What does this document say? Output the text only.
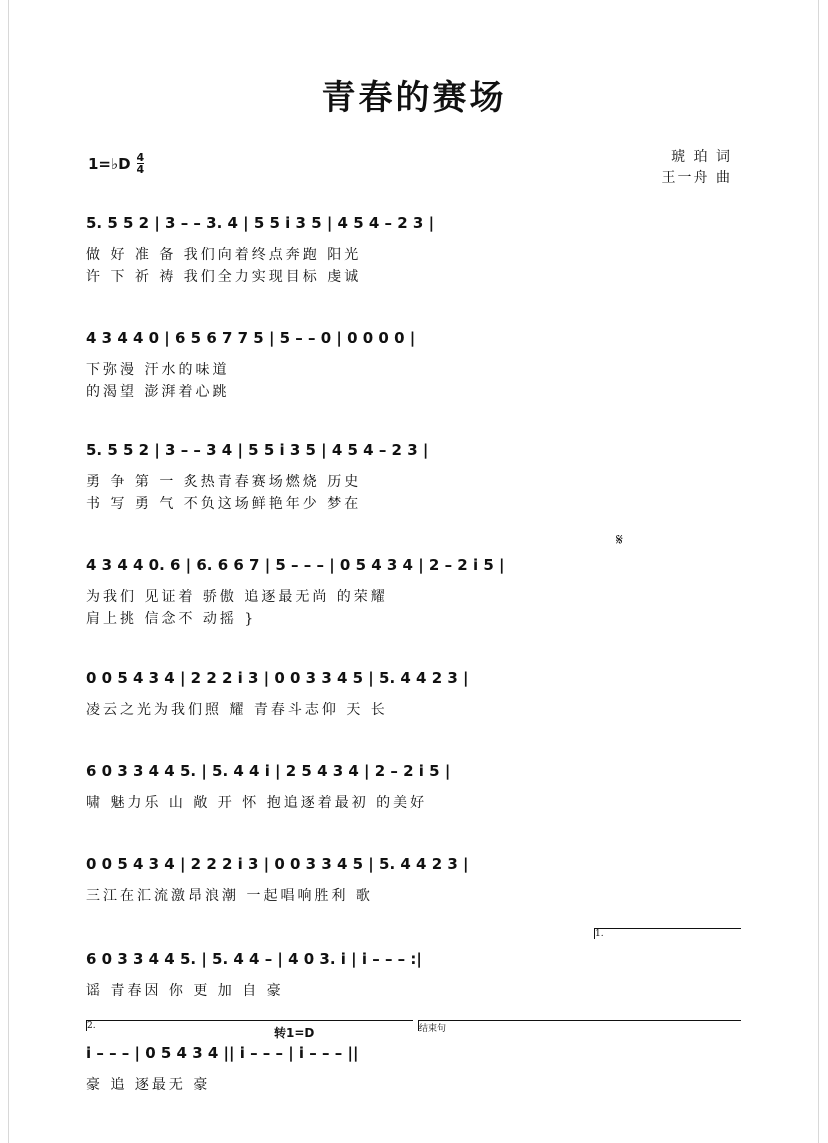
青春的赛场
1=♭D $\frac{4}{4}$	琥 珀 词
王一舟 曲
5. 5 5 2 | 3 – – 3. 4 | 5 5 i 3 5 | 4 5 4 – 2 3 |
做 好 准 备 我们向着终点奔跑 阳光
许 下 祈 祷 我们全力实现目标 虔诚
4 3 4 4 0 | 6 5 6 7 7 5 | 5 – – 0 | 0 0 0 0 |
下弥漫 汗水的味道
的渴望 澎湃着心跳
5. 5 5 2 | 3 – – 3 4 | 5 5 i 3 5 | 4 5 4 – 2 3 |
勇 争 第 一 炙热青春赛场燃烧 历史
书 写 勇 气 不负这场鲜艳年少 梦在
𝄋
4 3 4 4 0. 6 | 6. 6 6 7 | 5 – – – | 0 5 4 3 4 | 2 – 2 i 5 |
为我们 见证着 骄傲 追逐最无尚 的荣耀
肩上挑 信念不 动摇 }
0 0 5 4 3 4 | 2 2 2 i 3 | 0 0 3 3 4 5 | 5. 4 4 2 3 |
凌云之光为我们照 耀 青春斗志仰 天 长
6 0 3 3 4 4 5. | 5. 4 4 i | 2 5 4 3 4 | 2 – 2 i 5 |
啸 魅力乐 山 敞 开 怀 抱追逐着最初 的美好
0 0 5 4 3 4 | 2 2 2 i 3 | 0 0 3 3 4 5 | 5. 4 4 2 3 |
三江在汇流激昂浪潮 一起唱响胜利 歌
1.
6 0 3 3 4 4 5. | 5. 4 4 – | 4 0 3. i | i – – – :|
谣 青春因 你 更 加 自 豪
2.	结束句
转1=D
i – – – | 0 5 4 3 4 || i – – – | i – – – ||
豪 追 逐最无 豪
